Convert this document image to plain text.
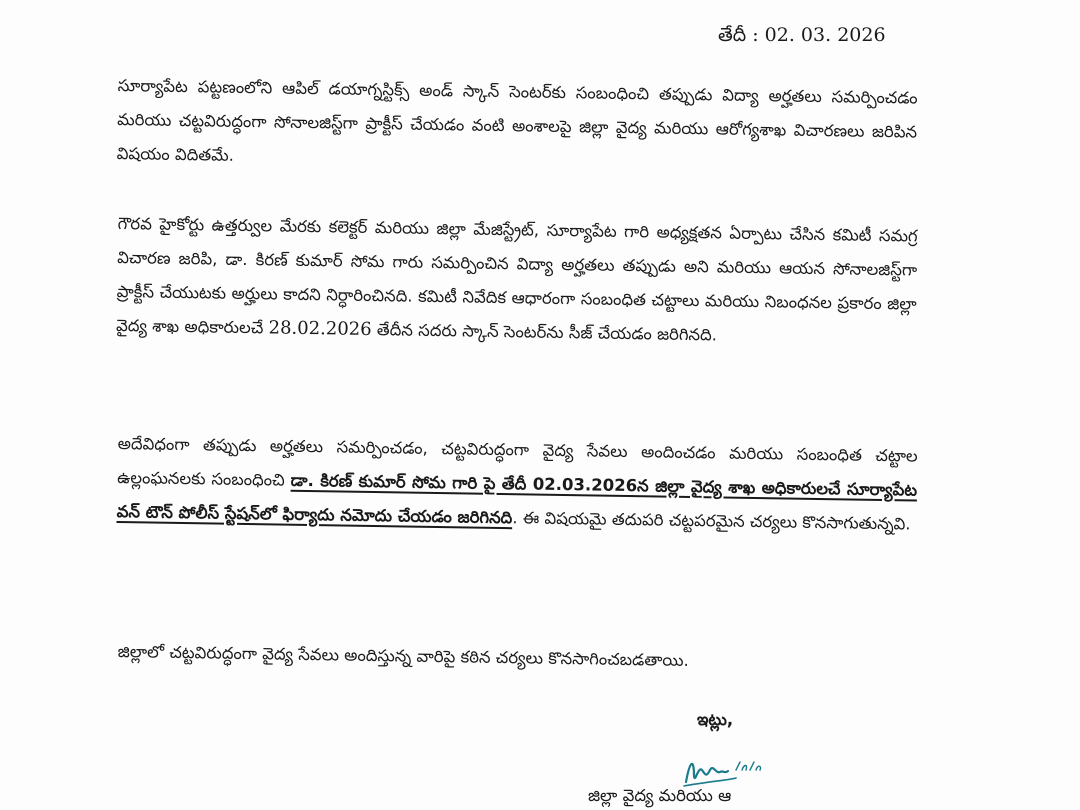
తేదీ : 02. 03. 2026

సూర్యాపేట పట్టణంలోని ఆపిల్ డయాగ్నస్టిక్స్ అండ్ స్కాన్ సెంటర్‌కు సంబంధించి తప్పుడు విద్యా అర్హతలు సమర్పించడం మరియు చట్టవిరుద్ధంగా సోనాలజిస్ట్‌గా ప్రాక్టీస్ చేయడం వంటి అంశాలపై జిల్లా వైద్య మరియు ఆరోగ్యశాఖ విచారణలు జరిపిన విషయం విదితమే.

గౌరవ హైకోర్టు ఉత్తర్వుల మేరకు కలెక్టర్ మరియు జిల్లా మేజిస్ట్రేట్, సూర్యాపేట గారి అధ్యక్షతన ఏర్పాటు చేసిన కమిటీ సమగ్ర విచారణ జరిపి, డా. కిరణ్ కుమార్ సోమ గారు సమర్పించిన విద్యా అర్హతలు తప్పుడు అని మరియు ఆయన సోనాలజిస్ట్‌గా ప్రాక్టీస్ చేయుటకు అర్హులు కాదని నిర్ధారించినది. కమిటీ నివేదిక ఆధారంగా సంబంధిత చట్టాలు మరియు నిబంధనల ప్రకారం జిల్లా వైద్య శాఖ అధికారులచే 28.02.2026 తేదీన సదరు స్కాన్ సెంటర్‌ను సీజ్ చేయడం జరిగినది.

అదేవిధంగా తప్పుడు అర్హతలు సమర్పించడం, చట్టవిరుద్ధంగా వైద్య సేవలు అందించడం మరియు సంబంధిత చట్టాల ఉల్లంఘనలకు సంబంధించి డా. కిరణ్ కుమార్ సోమ గారి పై తేదీ 02.03.2026న జిల్లా వైద్య శాఖ అధికారులచే సూర్యాపేట వన్ టౌన్ పోలీస్ స్టేషన్‌లో ఫిర్యాదు నమోదు చేయడం జరిగినది. ఈ విషయమై తదుపరి చట్టపరమైన చర్యలు కొనసాగుతున్నవి.

జిల్లాలో చట్టవిరుద్ధంగా వైద్య సేవలు అందిస్తున్న వారిపై కఠిన చర్యలు కొనసాగించబడతాయి.

ఇట్లు,
జిల్లా వైద్య మరియు ఆ
